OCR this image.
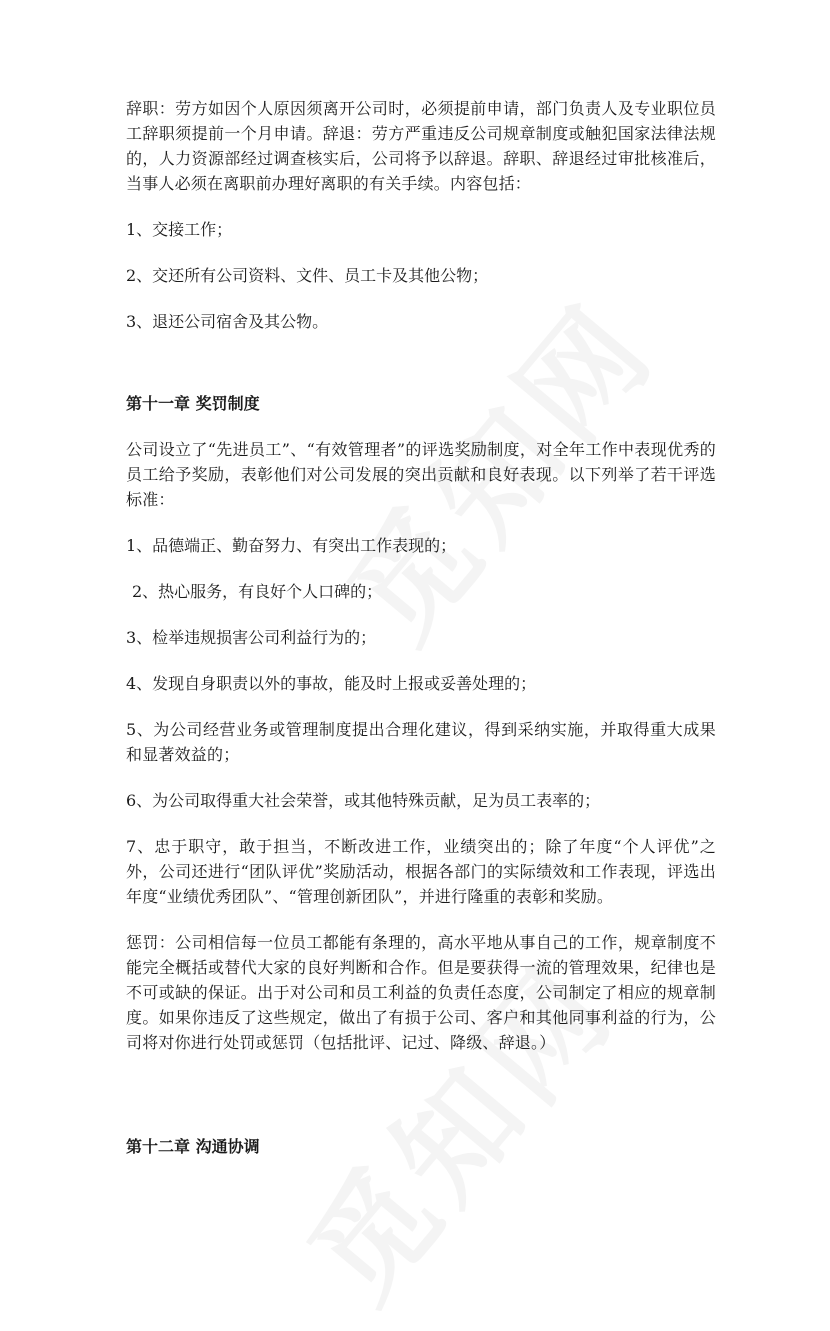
辞职：劳方如因个人原因须离开公司时，必须提前申请，部门负责人及专业职位员工辞职须提前一个月申请。辞退：劳方严重违反公司规章制度或触犯国家法律法规的，人力资源部经过调查核实后，公司将予以辞退。辞职、辞退经过审批核准后，当事人必须在离职前办理好离职的有关手续。内容包括：

1、交接工作；

2、交还所有公司资料、文件、员工卡及其他公物；

3、退还公司宿舍及其公物。

第十一章 奖罚制度

公司设立了“先进员工”、“有效管理者”的评选奖励制度，对全年工作中表现优秀的员工给予奖励，表彰他们对公司发展的突出贡献和良好表现。以下列举了若干评选标准：

1、品德端正、勤奋努力、有突出工作表现的；

2、热心服务，有良好个人口碑的；

3、检举违规损害公司利益行为的；

4、发现自身职责以外的事故，能及时上报或妥善处理的；

5、为公司经营业务或管理制度提出合理化建议，得到采纳实施，并取得重大成果和显著效益的；

6、为公司取得重大社会荣誉，或其他特殊贡献，足为员工表率的；

7、忠于职守，敢于担当，不断改进工作，业绩突出的；除了年度“个人评优”之外，公司还进行“团队评优”奖励活动，根据各部门的实际绩效和工作表现，评选出年度“业绩优秀团队”、“管理创新团队”，并进行隆重的表彰和奖励。

惩罚：公司相信每一位员工都能有条理的，高水平地从事自己的工作，规章制度不能完全概括或替代大家的良好判断和合作。但是要获得一流的管理效果，纪律也是不可或缺的保证。出于对公司和员工利益的负责任态度，公司制定了相应的规章制度。如果你违反了这些规定，做出了有损于公司、客户和其他同事利益的行为，公司将对你进行处罚或惩罚（包括批评、记过、降级、辞退。）

第十二章 沟通协调
